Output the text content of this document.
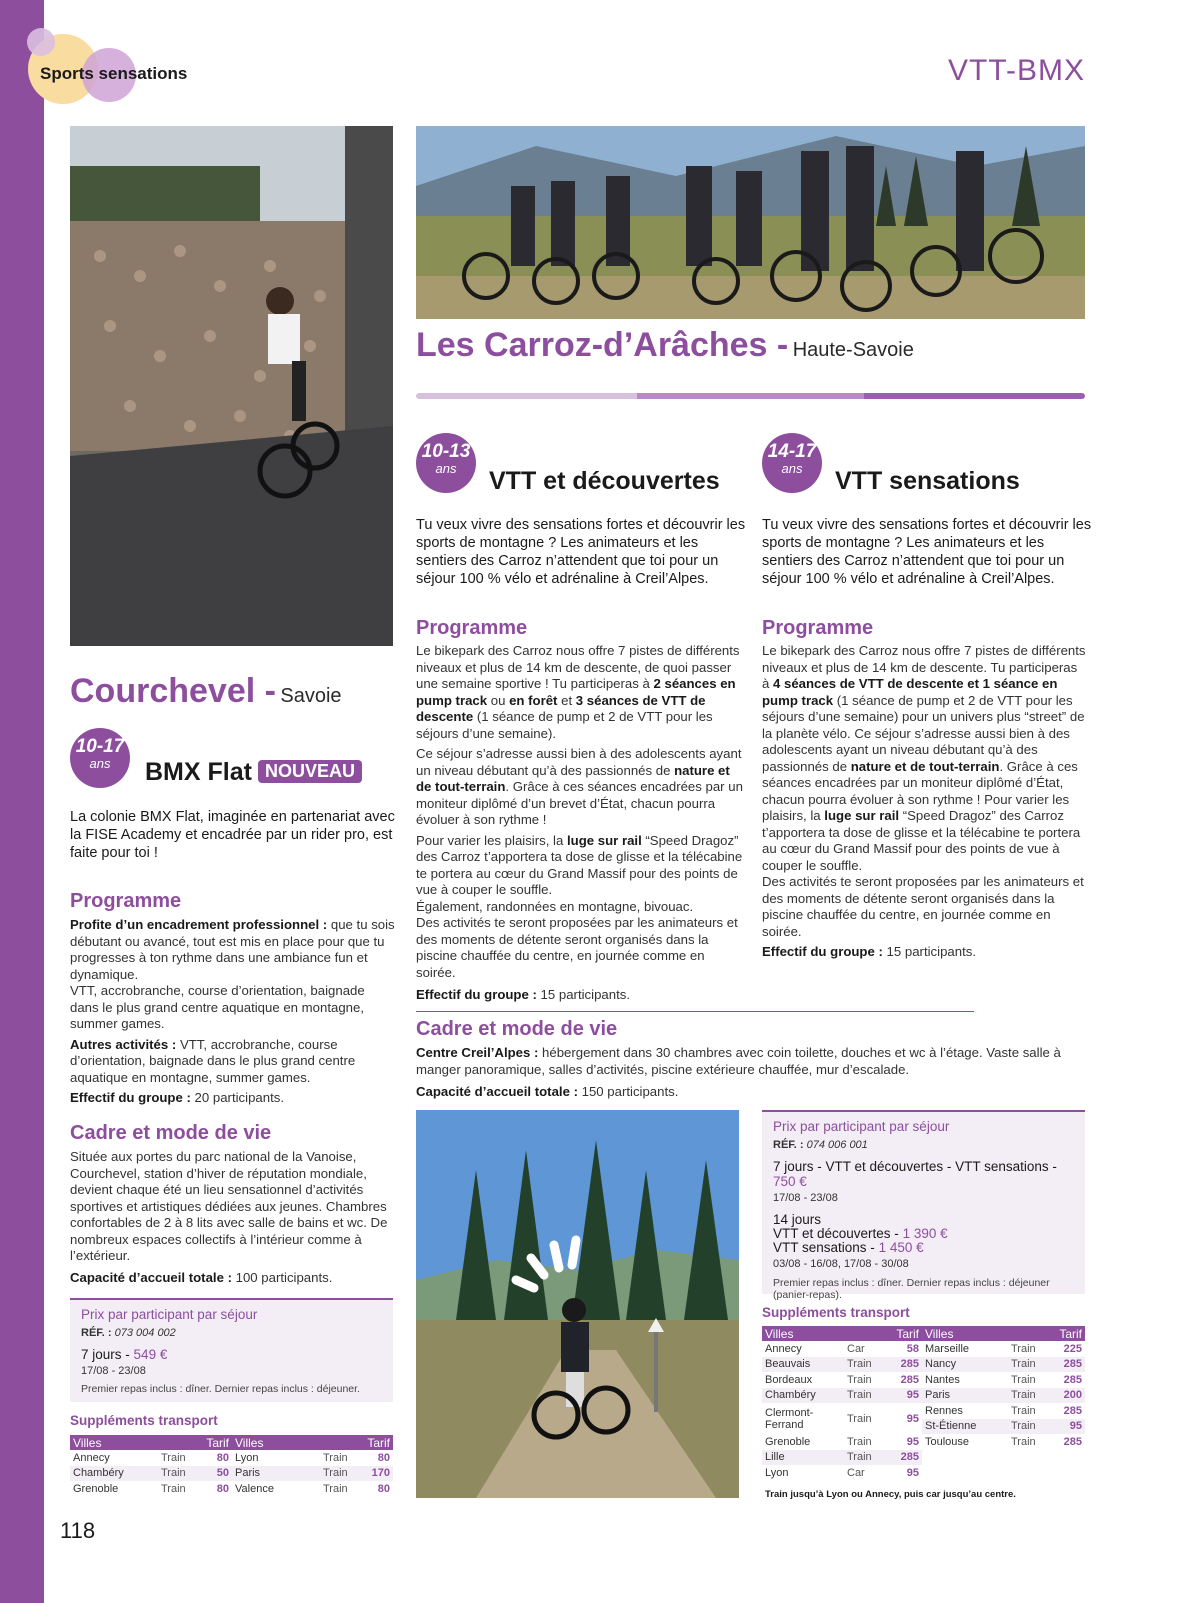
Sports sensations	VTT-BMX
Les Carroz-d’Arâches - Haute-Savoie
10-13
ans	VTT et découvertes
Tu veux vivre des sensations fortes et découvrir les sports de montagne ? Les animateurs et les sentiers des Carroz n’attendent que toi pour un séjour 100 % vélo et adrénaline à Creil’Alpes.
Programme

Le bikepark des Carroz nous offre 7 pistes de différents niveaux et plus de 14 km de descente, de quoi passer une semaine sportive ! Tu participeras à 2 séances en pump track ou en forêt et 3 séances de VTT de descente (1 séance de pump et 2 de VTT pour les séjours d’une semaine).

Ce séjour s’adresse aussi bien à des adolescents ayant un niveau débutant qu’à des passionnés de nature et de tout-terrain. Grâce à ces séances encadrées par un moniteur diplômé d’un brevet d’État, chacun pourra évoluer à son rythme !

Pour varier les plaisirs, la luge sur rail “Speed Dragoz” des Carroz t’apportera ta dose de glisse et la télécabine te portera au cœur du Grand Massif pour des points de vue à couper le souffle.

Également, randonnées en montagne, bivouac.

Des activités te seront proposées par les animateurs et des moments de détente seront organisés dans la piscine chauffée du centre, en journée comme en soirée.

Effectif du groupe : 15 participants.

14-17
ans	VTT sensations
Tu veux vivre des sensations fortes et découvrir les sports de montagne ? Les animateurs et les sentiers des Carroz n’attendent que toi pour un séjour 100 % vélo et adrénaline à Creil’Alpes.
Programme

Le bikepark des Carroz nous offre 7 pistes de différents niveaux et plus de 14 km de descente. Tu participeras à 4 séances de VTT de descente et 1 séance en pump track (1 séance de pump et 2 de VTT pour les séjours d’une semaine) pour un univers plus “street” de la planète vélo. Ce séjour s’adresse aussi bien à des adolescents ayant un niveau débutant qu’à des passionnés de nature et de tout-terrain. Grâce à ces séances encadrées par un moniteur diplômé d’État, chacun pourra évoluer à son rythme ! Pour varier les plaisirs, la luge sur rail “Speed Dragoz” des Carroz t’apportera ta dose de glisse et la télécabine te portera au cœur du Grand Massif pour des points de vue à couper le souffle.

Des activités te seront proposées par les animateurs et des moments de détente seront organisés dans la piscine chauffée du centre, en journée comme en soirée.

Effectif du groupe : 15 participants.

Cadre et mode de vie

Centre Creil’Alpes : hébergement dans 30 chambres avec coin toilette, douches et wc à l’étage. Vaste salle à manger panoramique, salles d’activités, piscine extérieure chauffée, mur d’escalade.

Capacité d’accueil totale : 150 participants.

Prix par participant par séjour
RÉF. : 074 006 001
7 jours - VTT et découvertes - VTT sensations - 750 €
17/08 - 23/08
14 jours
VTT et découvertes - 1 390 €
VTT sensations - 1 450 €
03/08 - 16/08, 17/08 - 30/08
Premier repas inclus : dîner. Dernier repas inclus : déjeuner (panier-repas).
Suppléments transport
Villes		Tarif	Villes		Tarif
Annecy	Car	58	Marseille	Train	225
Beauvais	Train	285	Nancy	Train	285
Bordeaux	Train	285	Nantes	Train	285
Chambéry	Train	95	Paris	Train	200
Clermont-Ferrand	Train	95	Rennes	Train	285
			St-Étienne	Train	95
Grenoble	Train	95	Toulouse	Train	285
Lille	Train	285			
Lyon	Car	95			
Train jusqu’à Lyon ou Annecy, puis car jusqu’au centre.
Courchevel - Savoie
10-17
ans	BMX Flat NOUVEAU
La colonie BMX Flat, imaginée en partenariat avec la FISE Academy et encadrée par un rider pro, est faite pour toi !
Programme

Profite d’un encadrement professionnel : que tu sois débutant ou avancé, tout est mis en place pour que tu progresses à ton rythme dans une ambiance fun et dynamique.

VTT, accrobranche, course d’orientation, baignade dans le plus grand centre aquatique en montagne, summer games.

Autres activités : VTT, accrobranche, course d’orientation, baignade dans le plus grand centre aquatique en montagne, summer games.

Effectif du groupe : 20 participants.

Cadre et mode de vie

Située aux portes du parc national de la Vanoise, Courchevel, station d’hiver de réputation mondiale, devient chaque été un lieu sensationnel d’activités sportives et artistiques dédiées aux jeunes. Chambres confortables de 2 à 8 lits avec salle de bains et wc. De nombreux espaces collectifs à l’intérieur comme à l’extérieur.

Capacité d’accueil totale : 100 participants.

Prix par participant par séjour
RÉF. : 073 004 002
7 jours - 549 €
17/08 - 23/08
Premier repas inclus : dîner. Dernier repas inclus : déjeuner.
Suppléments transport
Villes		Tarif	Villes		Tarif
Annecy	Train	80	Lyon	Train	80
Chambéry	Train	50	Paris	Train	170
Grenoble	Train	80	Valence	Train	80
118
